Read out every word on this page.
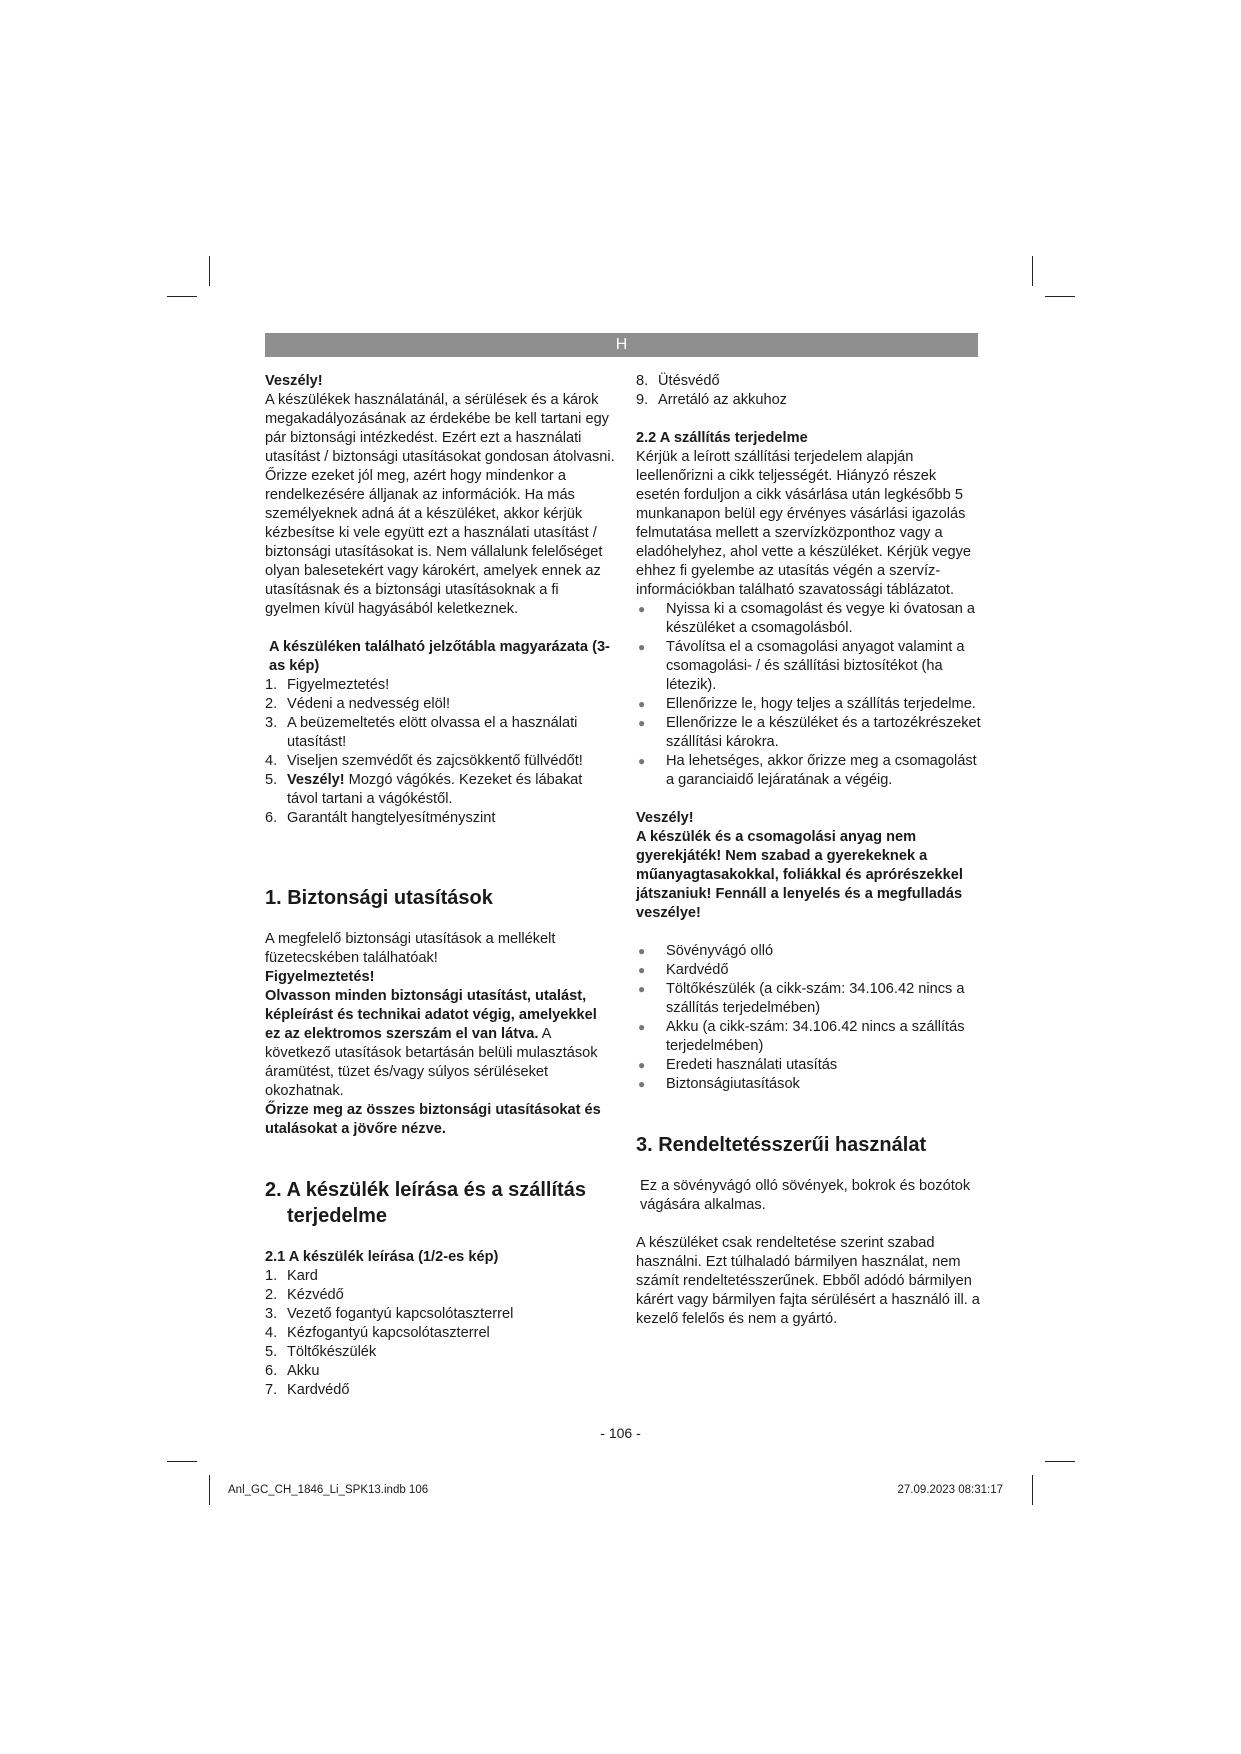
H

Veszély!

A készülékek használatánál, a sérülések és a károk megakadályozásának az érdekébe be kell tartani egy pár biztonsági intézkedést. Ezért ezt a használati utasítást / biztonsági utasításokat gondosan átolvasni. Őrizze ezeket jól meg, azért hogy mindenkor a rendelkezésére álljanak az információk. Ha más személyeknek adná át a készüléket, akkor kérjük kézbesítse ki vele együtt ezt a használati utasítást / biztonsági utasításokat is. Nem vállalunk felelőséget olyan balesetekért vagy károkért, amelyek ennek az utasításnak és a biztonsági utasításoknak a fi gyelmen kívül hagyásából keletkeznek.

A készüléken található jelzőtábla magyarázata (3-as kép)

1. Figyelmeztetés!
2. Védeni a nedvesség elöl!
3. A beüzemeltetés elött olvassa el a használati utasítást!
4. Viseljen szemvédőt és zajcsökkentő füllvédőt!
5. Veszély! Mozgó vágókés. Kezeket és lábakat távol tartani a vágókéstől.
6. Garantált hangtelyesítményszint
1. Biztonsági utasítások

A megfelelő biztonsági utasítások a mellékelt füzetecskében találhatóak!

Figyelmeztetés!

Olvasson minden biztonsági utasítást, utalást, képleírást és technikai adatot végig, amelyekkel ez az elektromos szerszám el van látva. A következő utasítások betartásán belüli mulasztások áramütést, tüzet és/vagy súlyos sérüléseket okozhatnak.

Őrizze meg az összes biztonsági utasításokat és utalásokat a jövőre nézve.

2. A készülék leírása és a szállítás
terjedelme

2.1 A készülék leírása (1/2-es kép)

1. Kard
2. Kézvédő
3. Vezető fogantyú kapcsolótaszterrel
4. Kézfogantyú kapcsolótaszterrel
5. Töltőkészülék
6. Akku
7. Kardvédő
8. Ütésvédő
9. Arretáló az akkuhoz

2.2 A szállítás terjedelme

Kérjük a leírott szállítási terjedelem alapján leellenőrizni a cikk teljességét. Hiányzó részek esetén forduljon a cikk vásárlása után legkésőbb 5 munkanapon belül egy érvényes vásárlási igazolás felmutatása mellett a szervízközponthoz vagy a eladóhelyhez, ahol vette a készüléket. Kérjük vegye ehhez fi gyelembe az utasítás végén a szervíz-információkban található szavatossági táblázatot.

●	Nyissa ki a csomagolást és vegye ki óvatosan a készüléket a csomagolásból.
●	Távolítsa el a csomagolási anyagot valamint a csomagolási- / és szállítási biztosítékot (ha létezik).
●	Ellenőrizze le, hogy teljes a szállítás terjedelme.
●	Ellenőrizze le a készüléket és a tartozékrészeket szállítási károkra.
●	Ha lehetséges, akkor őrizze meg a csomagolást a garanciaidő lejáratának a végéig.

Veszély!

A készülék és a csomagolási anyag nem gyerekjáték! Nem szabad a gyerekeknek a műanyagtasakokkal, foliákkal és aprórészekkel játszaniuk! Fennáll a lenyelés és a megfulladás veszélye!

●	Sövényvágó olló
●	Kardvédő
●	Töltőkészülék (a cikk-szám: 34.106.42 nincs a szállítás terjedelmében)
●	Akku (a cikk-szám: 34.106.42 nincs a szállítás terjedelmében)
●	Eredeti használati utasítás
●	Biztonságiutasítások
3. Rendeltetésszerűi használat

Ez a sövényvágó olló sövények, bokrok és bozótok vágására alkalmas.

A készüléket csak rendeltetése szerint szabad használni. Ezt túlhaladó bármilyen használat, nem számít rendeltetésszerűnek. Ebből adódó bármilyen kárért vagy bármilyen fajta sérülésért a használó ill. a kezelő felelős és nem a gyártó.

- 106 -
Anl_GC_CH_1846_Li_SPK13.indb 106	27.09.2023 08:31:17
